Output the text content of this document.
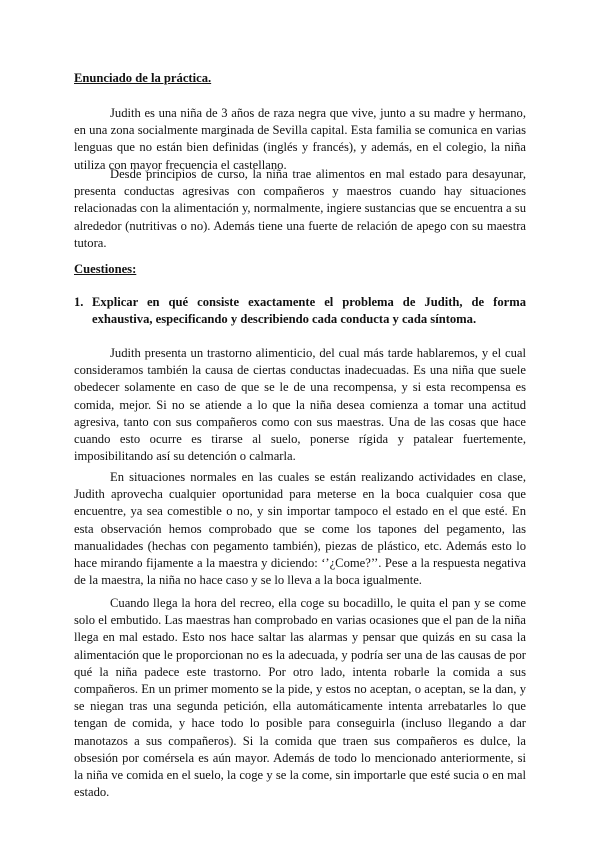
Enunciado de la práctica.

Judith es una niña de 3 años de raza negra que vive, junto a su madre y hermano, en una zona socialmente marginada de Sevilla capital. Esta familia se comunica en varias lenguas que no están bien definidas (inglés y francés), y además, en el colegio, la niña utiliza con mayor frecuencia el castellano.

Desde principios de curso, la niña trae alimentos en mal estado para desayunar, presenta conductas agresivas con compañeros y maestros cuando hay situaciones relacionadas con la alimentación y, normalmente, ingiere sustancias que se encuentra a su alrededor (nutritivas o no). Además tiene una fuerte de relación de apego con su maestra tutora.

Cuestiones:

1. Explicar en qué consiste exactamente el problema de Judith, de forma exhaustiva, especificando y describiendo cada conducta y cada síntoma.

Judith presenta un trastorno alimenticio, del cual más tarde hablaremos, y el cual consideramos también la causa de ciertas conductas inadecuadas. Es una niña que suele obedecer solamente en caso de que se le de una recompensa, y si esta recompensa es comida, mejor. Si no se atiende a lo que la niña desea comienza a tomar una actitud agresiva, tanto con sus compañeros como con sus maestras. Una de las cosas que hace cuando esto ocurre es tirarse al suelo, ponerse rígida y patalear fuertemente, imposibilitando así su detención o calmarla.

En situaciones normales en las cuales se están realizando actividades en clase, Judith aprovecha cualquier oportunidad para meterse en la boca cualquier cosa que encuentre, ya sea comestible o no, y sin importar tampoco el estado en el que esté. En esta observación hemos comprobado que se come los tapones del pegamento, las manualidades (hechas con pegamento también), piezas de plástico, etc. Además esto lo hace mirando fijamente a la maestra y diciendo: ‘’¿Come?’’. Pese a la respuesta negativa de la maestra, la niña no hace caso y se lo lleva a la boca igualmente.

Cuando llega la hora del recreo, ella coge su bocadillo, le quita el pan y se come solo el embutido. Las maestras han comprobado en varias ocasiones que el pan de la niña llega en mal estado. Esto nos hace saltar las alarmas y pensar que quizás en su casa la alimentación que le proporcionan no es la adecuada, y podría ser una de las causas de por qué la niña padece este trastorno. Por otro lado, intenta robarle la comida a sus compañeros. En un primer momento se la pide, y estos no aceptan, o aceptan, se la dan, y se niegan tras una segunda petición, ella automáticamente intenta arrebatarles lo que tengan de comida, y hace todo lo posible para conseguirla (incluso llegando a dar manotazos a sus compañeros). Si la comida que traen sus compañeros es dulce, la obsesión por comérsela es aún mayor. Además de todo lo mencionado anteriormente, si la niña ve comida en el suelo, la coge y se la come, sin importarle que esté sucia o en mal estado.
